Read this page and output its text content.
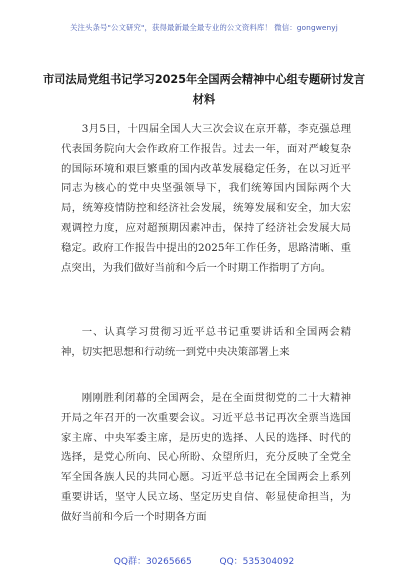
关注头条号"公文研究"，获得最新最全最专业的公文资料库！ 微信：gongwenyj
市司法局党组书记学习2025年全国两会精神中心组专题研讨发言材料

3月5日，十四届全国人大三次会议在京开幕，李克强总理代表国务院向大会作政府工作报告。过去一年，面对严峻复杂的国际环境和艰巨繁重的国内改革发展稳定任务，在以习近平同志为核心的党中央坚强领导下，我们统筹国内国际两个大局，统筹疫情防控和经济社会发展，统筹发展和安全，加大宏观调控力度，应对超预期因素冲击，保持了经济社会发展大局稳定。政府工作报告中提出的2025年工作任务，思路清晰、重点突出，为我们做好当前和今后一个时期工作指明了方向。

一、认真学习贯彻习近平总书记重要讲话和全国两会精神，切实把思想和行动统一到党中央决策部署上来

刚刚胜利闭幕的全国两会，是在全面贯彻党的二十大精神开局之年召开的一次重要会议。习近平总书记再次全票当选国家主席、中央军委主席，是历史的选择、人民的选择、时代的选择，是党心所向、民心所盼、众望所归，充分反映了全党全军全国各族人民的共同心愿。习近平总书记在全国两会上系列重要讲话，坚守人民立场、坚定历史自信、彰显使命担当，为做好当前和今后一个时期各方面

QQ群：30265665	QQ：535304092
